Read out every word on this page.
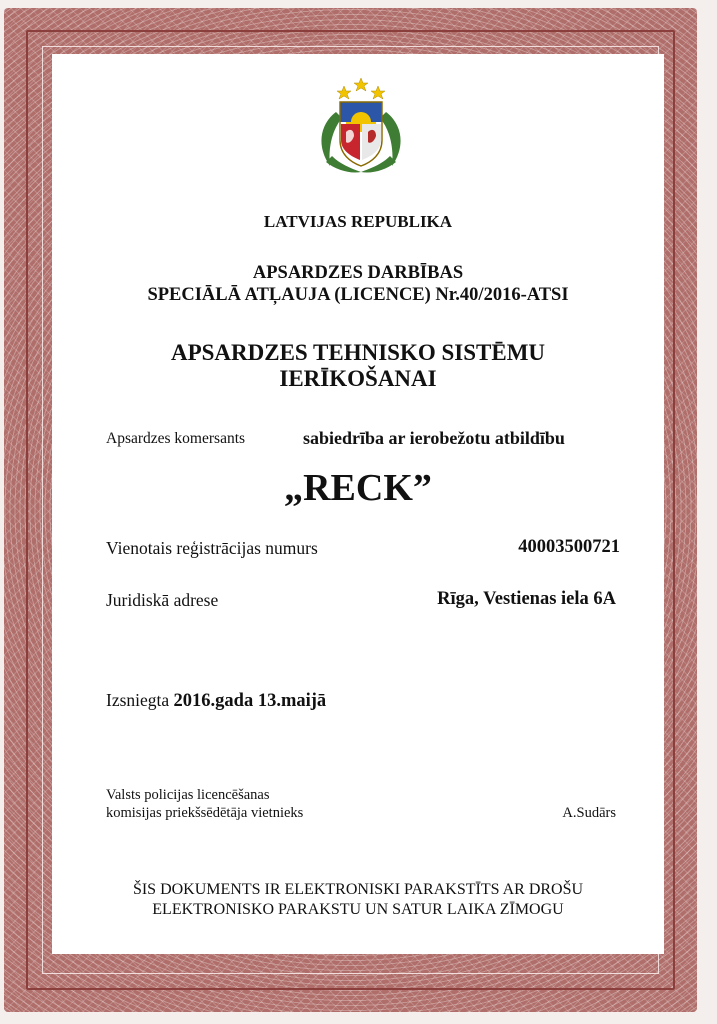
LATVIJAS REPUBLIKA
APSARDZES DARBĪBAS
SPECIĀLĀ ATĻAUJA (LICENCE) Nr.40/2016-ATSI
APSARDZES TEHNISKO SISTĒMU
IERĪKOŠANAI
Apsardzes komersants	sabiedrība ar ierobežotu atbildību
„RECK”
Vienotais reģistrācijas numurs	40003500721
Juridiskā adrese	Rīga, Vestienas iela 6A
Izsniegta 2016.gada 13.maijā
Valsts policijas licencēšanas
komisijas priekšsēdētāja vietnieks	A.Sudārs
ŠIS DOKUMENTS IR ELEKTRONISKI PARAKSTĪTS AR DROŠU
ELEKTRONISKO PARAKSTU UN SATUR LAIKA ZĪMOGU
